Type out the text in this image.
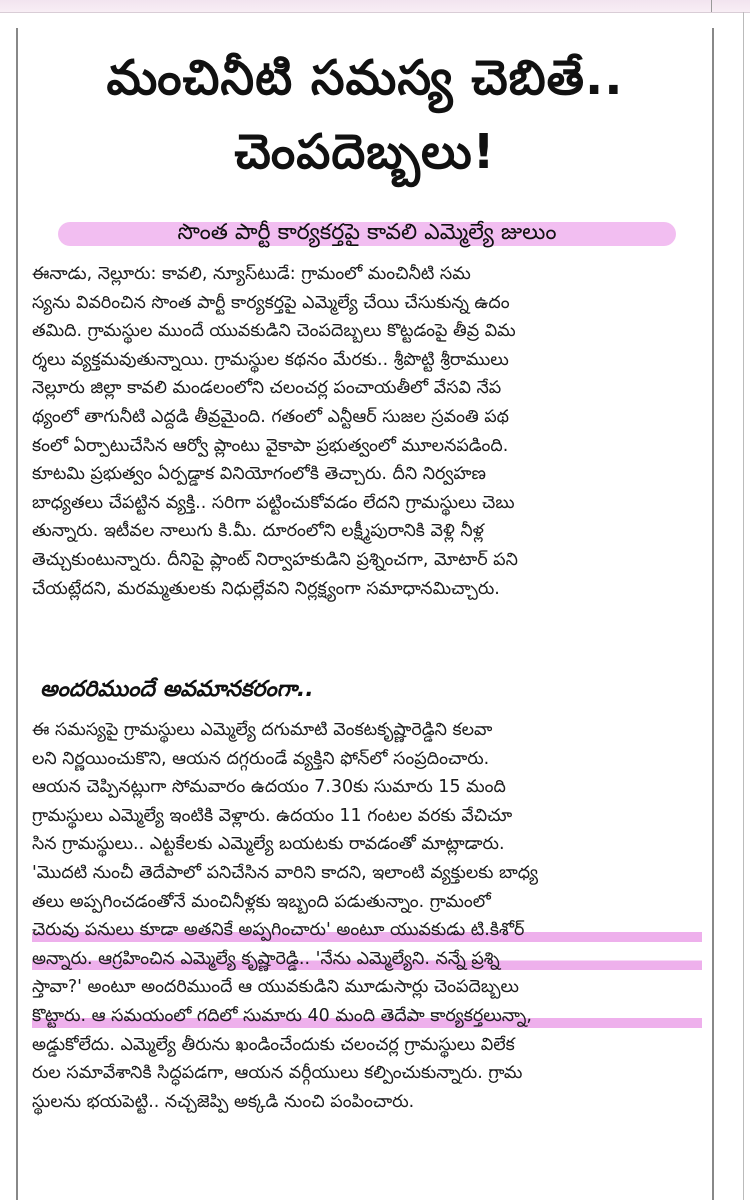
మంచినీటి సమస్య చెబితే..
చెంపదెబ్బలు!
సొంత పార్టీ కార్యకర్తపై కావలి ఎమ్మెల్యే జులుం
ఈనాడు, నెల్లూరు: కావలి, న్యూస్‌టుడే: గ్రామంలో మంచినీటి సమ
స్యను వివరించిన సొంత పార్టీ కార్యకర్తపై ఎమ్మెల్యే చేయి చేసుకున్న ఉదం
తమిది. గ్రామస్థుల ముందే యువకుడిని చెంపదెబ్బలు కొట్టడంపై తీవ్ర విమ
ర్శలు వ్యక్తమవుతున్నాయి. గ్రామస్థుల కథనం మేరకు.. శ్రీపొట్టి శ్రీరాములు
నెల్లూరు జిల్లా కావలి మండలంలోని చలంచర్ల పంచాయతీలో వేసవి నేప
థ్యంలో తాగునీటి ఎద్దడి తీవ్రమైంది. గతంలో ఎన్టీఆర్ సుజల స్రవంతి పథ
కంలో ఏర్పాటుచేసిన ఆర్వో ప్లాంటు వైకాపా ప్రభుత్వంలో మూలనపడింది.
కూటమి ప్రభుత్వం ఏర్పడ్డాక వినియోగంలోకి తెచ్చారు. దీని నిర్వహణ
బాధ్యతలు చేపట్టిన వ్యక్తి.. సరిగా పట్టించుకోవడం లేదని గ్రామస్థులు చెబు
తున్నారు. ఇటీవల నాలుగు కి.మీ. దూరంలోని లక్ష్మీపురానికి వెళ్లి నీళ్ల
తెచ్చుకుంటున్నారు. దీనిపై ప్లాంట్ నిర్వాహకుడిని ప్రశ్నించగా, మోటార్ పని
చేయట్లేదని, మరమ్మతులకు నిధుల్లేవని నిర్లక్ష్యంగా సమాధానమిచ్చారు.
అందరిముందే అవమానకరంగా..
ఈ సమస్యపై గ్రామస్థులు ఎమ్మెల్యే దగుమాటి వెంకటకృష్ణారెడ్డిని కలవా
లని నిర్ణయించుకొని, ఆయన దగ్గరుండే వ్యక్తిని ఫోన్‌లో సంప్రదించారు.
ఆయన చెప్పినట్లుగా సోమవారం ఉదయం 7.30కు సుమారు 15 మంది
గ్రామస్థులు ఎమ్మెల్యే ఇంటికి వెళ్లారు. ఉదయం 11 గంటల వరకు వేచిచూ
సిన గ్రామస్థులు.. ఎట్టకేలకు ఎమ్మెల్యే బయటకు రావడంతో మాట్లాడారు.
'మొదటి నుంచీ తెదేపాలో పనిచేసిన వారిని కాదని, ఇలాంటి వ్యక్తులకు బాధ్య
తలు అప్పగించడంతోనే మంచినీళ్లకు ఇబ్బంది పడుతున్నాం. గ్రామంలో
చెరువు పనులు కూడా అతనికే అప్పగించారు' అంటూ యువకుడు టి.కిశోర్
అన్నారు. ఆగ్రహించిన ఎమ్మెల్యే కృష్ణారెడ్డి.. 'నేను ఎమ్మెల్యేని. నన్నే ప్రశ్ని
స్తావా?' అంటూ అందరిముందే ఆ యువకుడిని మూడుసార్లు చెంపదెబ్బలు
కొట్టారు. ఆ సమయంలో గదిలో సుమారు 40 మంది తెదేపా కార్యకర్తలున్నా,
అడ్డుకోలేదు. ఎమ్మెల్యే తీరును ఖండించేందుకు చలంచర్ల గ్రామస్థులు విలేక
రుల సమావేశానికి సిద్ధపడగా, ఆయన వర్గీయులు కల్పించుకున్నారు. గ్రామ
స్థులను భయపెట్టి.. నచ్చజెప్పి అక్కడి నుంచి పంపించారు.
